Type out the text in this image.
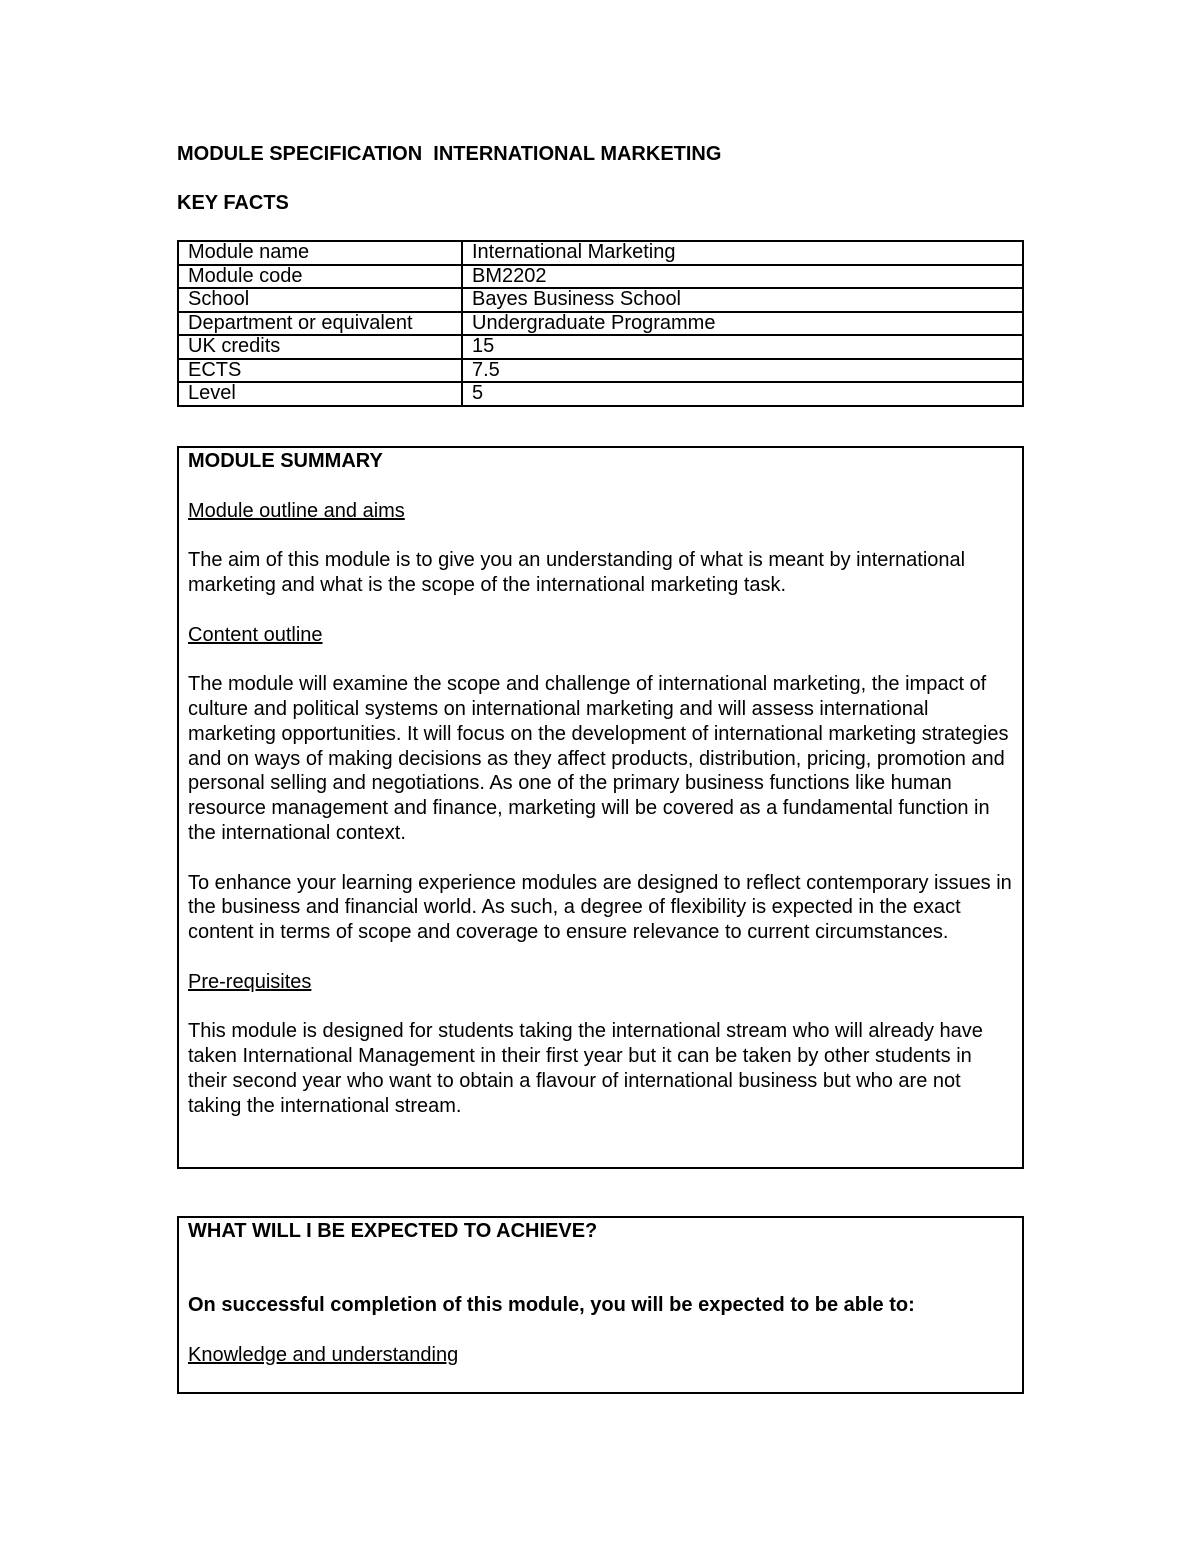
MODULE SPECIFICATION  INTERNATIONAL MARKETING
KEY FACTS
Module name	International Marketing
Module code	BM2202
School	Bayes Business School
Department or equivalent	Undergraduate Programme
UK credits	15
ECTS	7.5
Level	5

MODULE SUMMARY

Module outline and aims

The aim of this module is to give you an understanding of what is meant by international marketing and what is the scope of the international marketing task.

Content outline

The module will examine the scope and challenge of international marketing, the impact of culture and political systems on international marketing and will assess international marketing opportunities. It will focus on the development of international marketing strategies and on ways of making decisions as they affect products, distribution, pricing, promotion and personal selling and negotiations. As one of the primary business functions like human resource management and finance, marketing will be covered as a fundamental function in the international context.

To enhance your learning experience modules are designed to reflect contemporary issues in the business and financial world. As such, a degree of flexibility is expected in the exact content in terms of scope and coverage to ensure relevance to current circumstances.

Pre-requisites

This module is designed for students taking the international stream who will already have taken International Management in their first year but it can be taken by other students in their second year who want to obtain a flavour of international business but who are not taking the international stream.

WHAT WILL I BE EXPECTED TO ACHIEVE?

On successful completion of this module, you will be expected to be able to:

Knowledge and understanding
